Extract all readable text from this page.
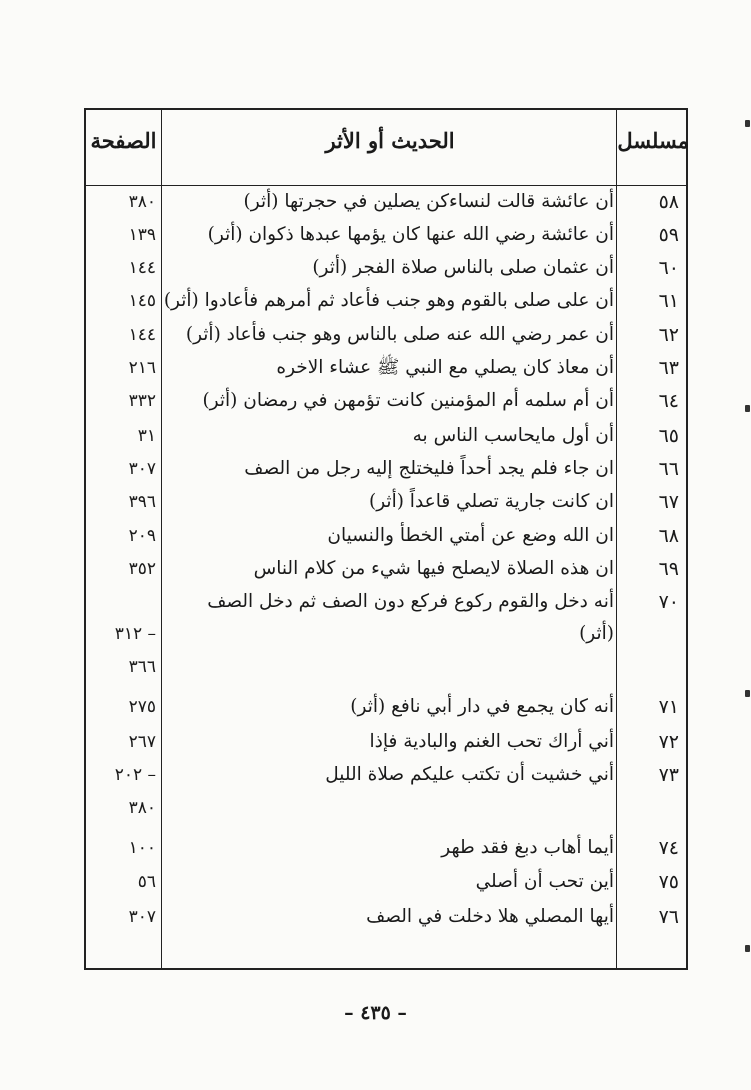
مسلسل
الحديث أو الأثر
الصفحة
٥٨
أن عائشة قالت لنساءكن يصلين في حجرتها (أثر)
٣٨٠
٥٩
أن عائشة رضي الله عنها كان يؤمها عبدها ذكوان (أثر)
١٣٩
٦٠
أن عثمان صلى بالناس صلاة الفجر (أثر)
١٤٤
٦١
أن على صلى بالقوم وهو جنب فأعاد ثم أمرهم فأعادوا (أثر)
١٤٥
٦٢
أن عمر رضي الله عنه صلى بالناس وهو جنب فأعاد (أثر)
١٤٤
٦٣
أن معاذ كان يصلي مع النبي ﷺ عشاء الاخره
٢١٦
٦٤
أن أم سلمه أم المؤمنين كانت تؤمهن في رمضان (أثر)
٣٣٢
٦٥
أن أول مايحاسب الناس به
٣١
٦٦
ان جاء فلم يجد أحداً فليختلج إليه رجل من الصف
٣٠٧
٦٧
ان كانت جارية تصلي قاعداً (أثر)
٣٩٦
٦٨
ان الله وضع عن أمتي الخطأ والنسيان
٢٠٩
٦٩
ان هذه الصلاة لايصلح فيها شيء من كلام الناس
٣٥٢
٧٠
أنه دخل والقوم ركوع فركع دون الصف ثم دخل الصف
(أثر)
– ٣١٢
٣٦٦
٧١
أنه كان يجمع في دار أبي نافع (أثر)
٢٧٥
٧٢
أني أراك تحب الغنم والبادية فإذا
٢٦٧
٧٣
أني خشيت أن تكتب عليكم صلاة الليل
– ٢٠٢
٣٨٠
٧٤
أيما أهاب دبغ فقد طهر
١٠٠
٧٥
أين تحب أن أصلي
٥٦
٧٦
أيها المصلي هلا دخلت في الصف
٣٠٧
– ٤٣٥ –
